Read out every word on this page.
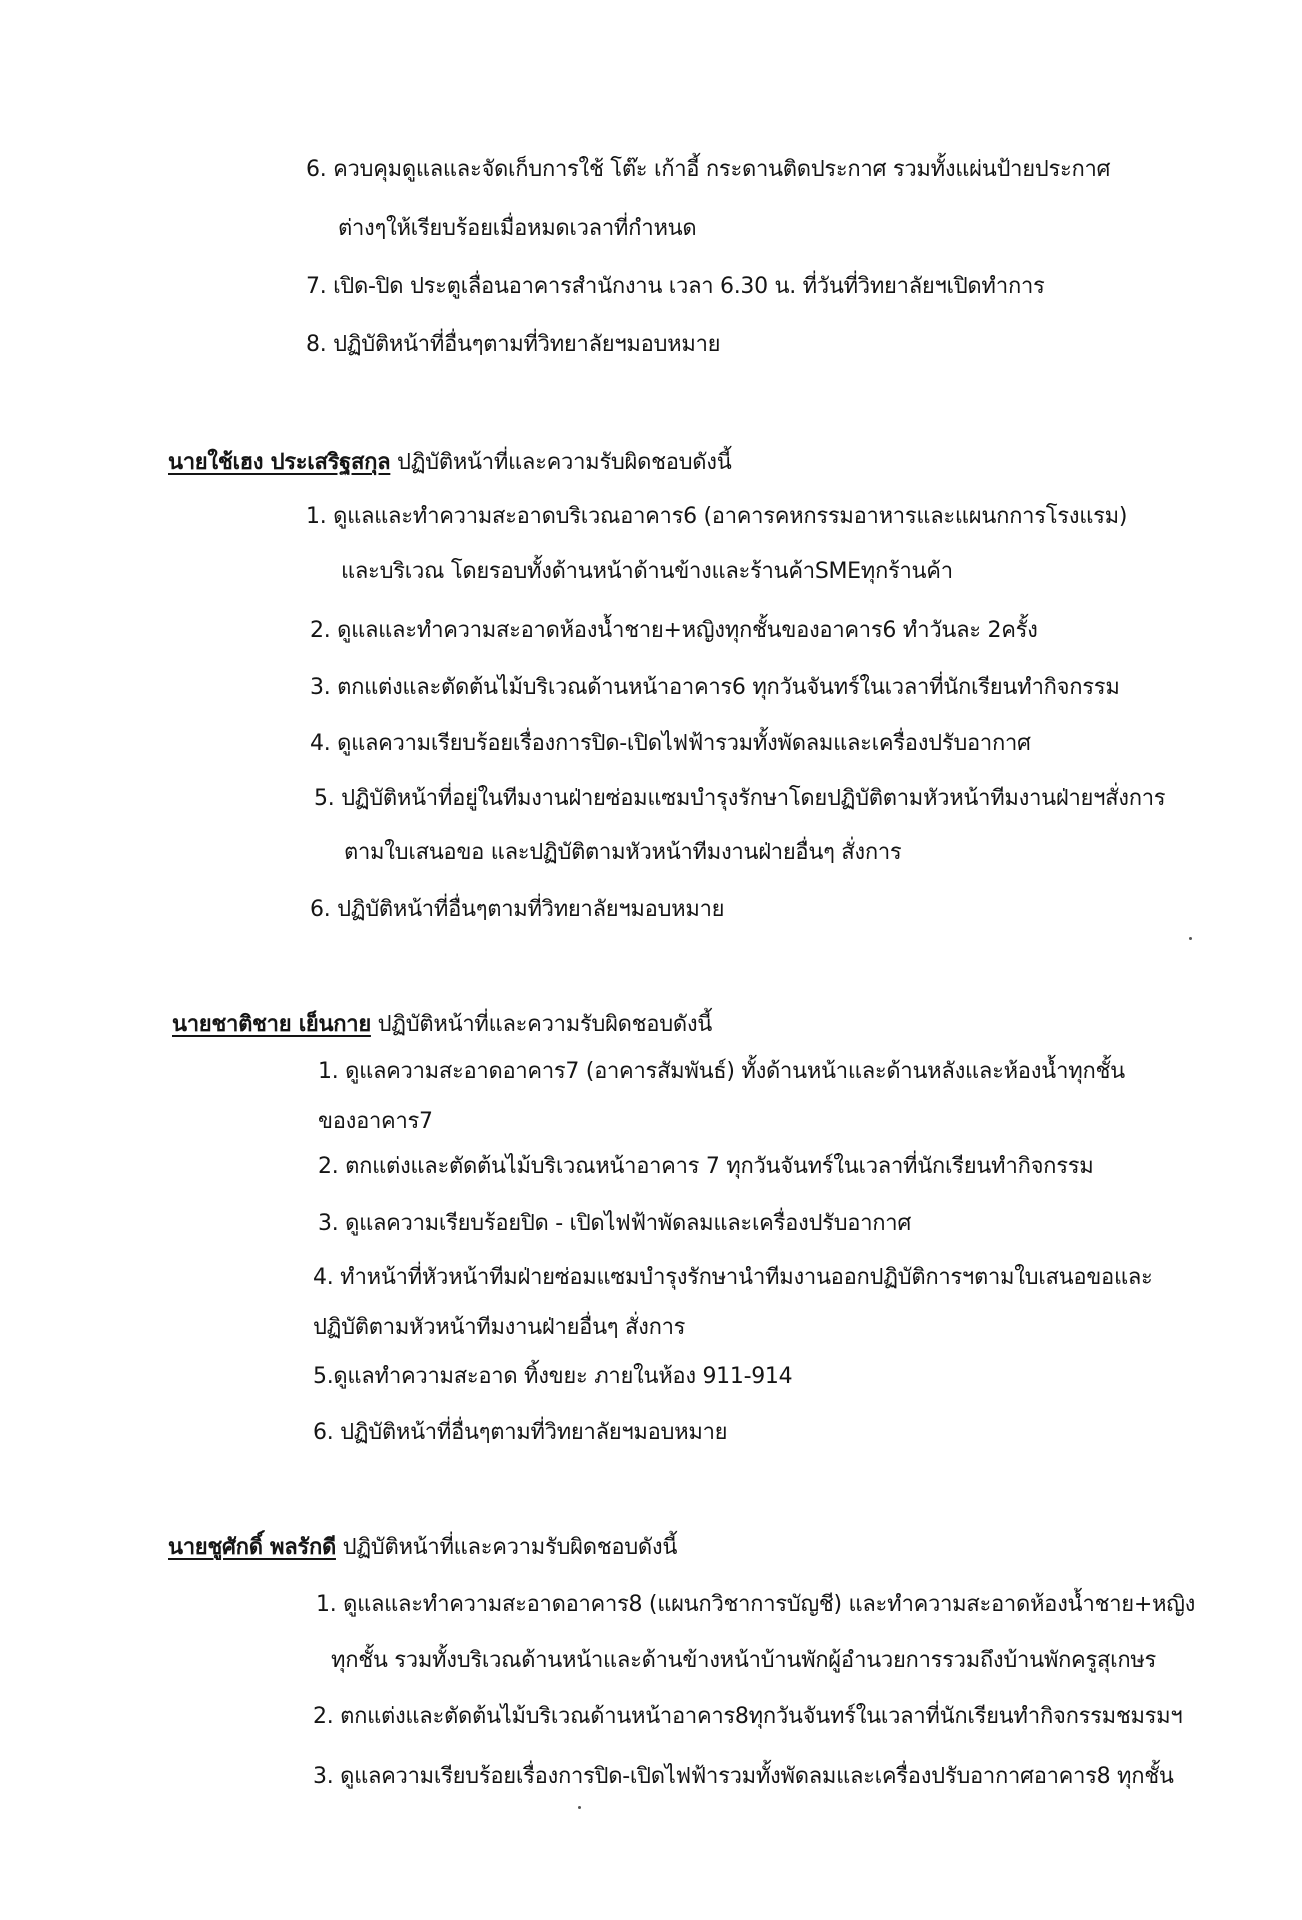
6. ควบคุมดูแลและจัดเก็บการใช้ โต๊ะ เก้าอี้ กระดานติดประกาศ รวมทั้งแผ่นป้ายประกาศ
ต่างๆให้เรียบร้อยเมื่อหมดเวลาที่กำหนด
7. เปิด-ปิด ประตูเลื่อนอาคารสำนักงาน เวลา 6.30 น. ที่วันที่วิทยาลัยฯเปิดทำการ
8. ปฏิบัติหน้าที่อื่นๆตามที่วิทยาลัยฯมอบหมาย
นายใช้เฮง ประเสริฐสกุล ปฏิบัติหน้าที่และความรับผิดชอบดังนี้
1. ดูแลและทำความสะอาดบริเวณอาคาร6 (อาคารคหกรรมอาหารและแผนกการโรงแรม)
และบริเวณ โดยรอบทั้งด้านหน้าด้านข้างและร้านค้าSMEทุกร้านค้า
2. ดูแลและทำความสะอาดห้องน้ำชาย+หญิงทุกชั้นของอาคาร6 ทำวันละ 2ครั้ง
3. ตกแต่งและตัดต้นไม้บริเวณด้านหน้าอาคาร6 ทุกวันจันทร์ในเวลาที่นักเรียนทำกิจกรรม
4. ดูแลความเรียบร้อยเรื่องการปิด-เปิดไฟฟ้ารวมทั้งพัดลมและเครื่องปรับอากาศ
5. ปฏิบัติหน้าที่อยู่ในทีมงานฝ่ายซ่อมแซมบำรุงรักษาโดยปฏิบัติตามหัวหน้าทีมงานฝ่ายฯสั่งการ
ตามใบเสนอขอ และปฏิบัติตามหัวหน้าทีมงานฝ่ายอื่นๆ สั่งการ
6. ปฏิบัติหน้าที่อื่นๆตามที่วิทยาลัยฯมอบหมาย
นายชาติชาย เย็นกาย ปฏิบัติหน้าที่และความรับผิดชอบดังนี้
1. ดูแลความสะอาดอาคาร7 (อาคารสัมพันธ์) ทั้งด้านหน้าและด้านหลังและห้องน้ำทุกชั้น
ของอาคาร7
2. ตกแต่งและตัดต้นไม้บริเวณหน้าอาคาร 7 ทุกวันจันทร์ในเวลาที่นักเรียนทำกิจกรรม
3. ดูแลความเรียบร้อยปิด - เปิดไฟฟ้าพัดลมและเครื่องปรับอากาศ
4. ทำหน้าที่หัวหน้าทีมฝ่ายซ่อมแซมบำรุงรักษานำทีมงานออกปฏิบัติการฯตามใบเสนอขอและ
ปฏิบัติตามหัวหน้าทีมงานฝ่ายอื่นๆ สั่งการ
5.ดูแลทำความสะอาด ทิ้งขยะ ภายในห้อง 911-914
6. ปฏิบัติหน้าที่อื่นๆตามที่วิทยาลัยฯมอบหมาย
นายชูศักดิ์ พลรักดี ปฏิบัติหน้าที่และความรับผิดชอบดังนี้
1. ดูแลและทำความสะอาดอาคาร8 (แผนกวิชาการบัญชี) และทำความสะอาดห้องน้ำชาย+หญิง
ทุกชั้น รวมทั้งบริเวณด้านหน้าและด้านข้างหน้าบ้านพักผู้อำนวยการรวมถึงบ้านพักครูสุเกษร
2. ตกแต่งและตัดต้นไม้บริเวณด้านหน้าอาคาร8ทุกวันจันทร์ในเวลาที่นักเรียนทำกิจกรรมชมรมฯ
3. ดูแลความเรียบร้อยเรื่องการปิด-เปิดไฟฟ้ารวมทั้งพัดลมและเครื่องปรับอากาศอาคาร8 ทุกชั้น
